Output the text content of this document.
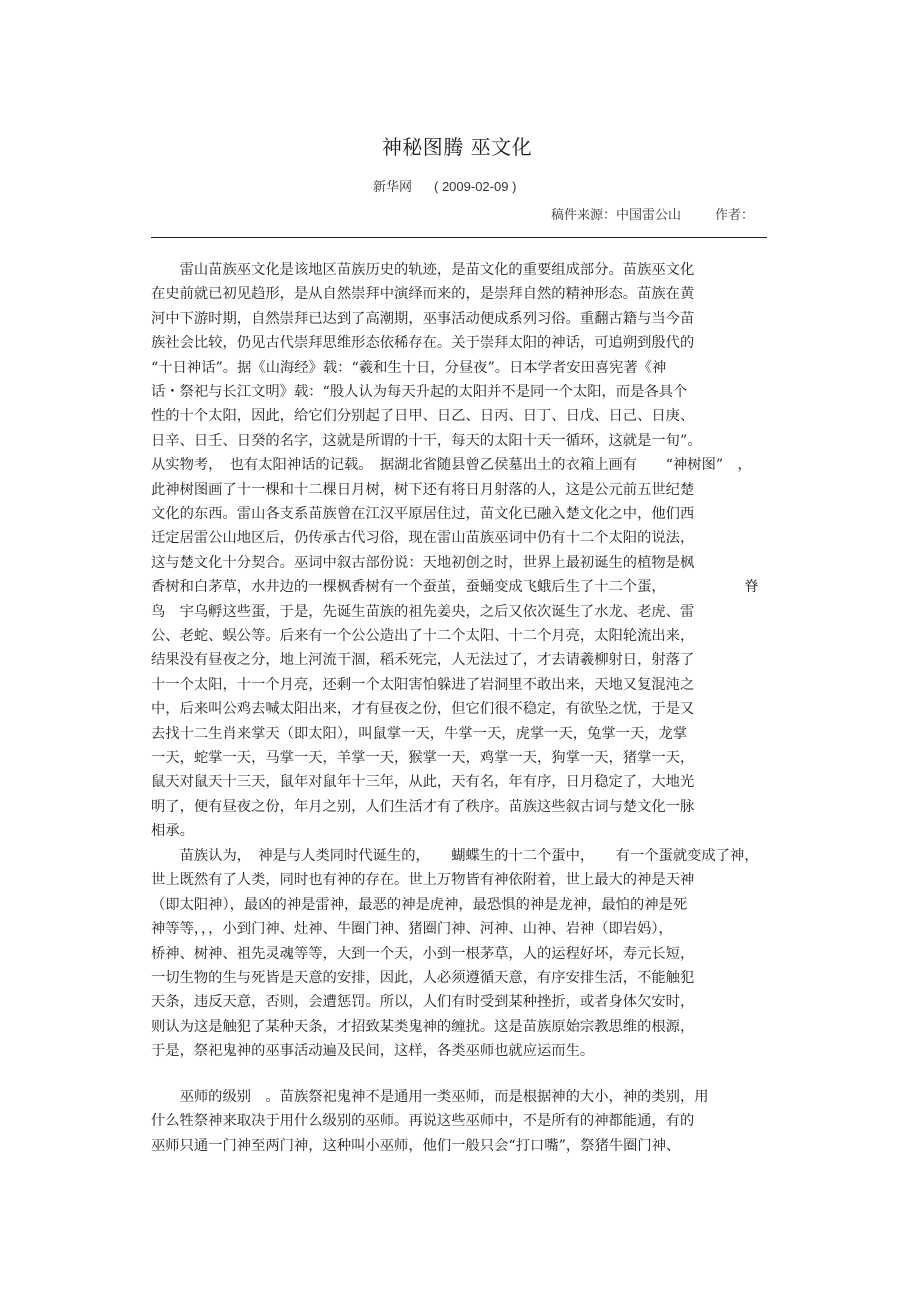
神秘图腾 巫文化
新华网 ( 2009-02-09 )
稿件来源：中国雷公山	作者：
　　雷山苗族巫文化是该地区苗族历史的轨迹，是苗文化的重要组成部分。苗族巫文化
在史前就已初见趋形，是从自然崇拜中演绎而来的，是崇拜自然的精神形态。苗族在黄
河中下游时期，自然崇拜已达到了高潮期，巫事活动便成系列习俗。重翻古籍与当今苗
族社会比较，仍见古代崇拜思维形态依稀存在。关于崇拜太阳的神话，可追朔到殷代的
“十日神话”。据《山海经》载：“羲和生十日，分昼夜”。日本学者安田喜宪著《神
话・祭祀与长江文明》载：“股人认为每天升起的太阳并不是同一个太阳，而是各具个
性的十个太阳，因此，给它们分别起了日甲、日乙、日丙、日丁、日戊、日己、日庚、
日辛、日壬、日癸的名字，这就是所谓的十干，每天的太阳十天一循环，这就是一旬”。
从实物考，　也有太阳神话的记载。　据湖北省随县曾乙侯墓出土的衣箱上画有　　“神树图”　，
此神树图画了十一棵和十二棵日月树，树下还有将日月射落的人，这是公元前五世纪楚
文化的东西。雷山各支系苗族曾在江汉平原居住过，苗文化已融入楚文化之中，他们西
迁定居雷公山地区后，仍传承古代习俗，现在雷山苗族巫词中仍有十二个太阳的说法，
这与楚文化十分契合。巫词中叙古部份说：天地初创之时，世界上最初诞生的植物是枫
香树和白茅草，水井边的一棵枫香树有一个蚕茧，蚕蛹变成飞蛾后生了十二个蛋，　　　　　　脊
鸟　宇乌孵这些蛋，于是，先诞生苗族的祖先姜央，之后又依次诞生了水龙、老虎、雷
公、老蛇、蜈公等。后来有一个公公造出了十二个太阳、十二个月亮，太阳轮流出来，
结果没有昼夜之分，地上河流干涸，稻禾死完，人无法过了，才去请羲柳射日，射落了
十一个太阳，十一个月亮，还剩一个太阳害怕躲进了岩洞里不敢出来，天地又复混沌之
中，后来叫公鸡去喊太阳出来，才有昼夜之份，但它们很不稳定，有欲坠之忧，于是又
去找十二生肖来掌天（即太阳），叫鼠掌一天，牛掌一天，虎掌一天，兔掌一天，龙掌
一天，蛇掌一天，马掌一天，羊掌一天，猴掌一天，鸡掌一天，狗掌一天，猪掌一天，
鼠天对鼠天十三天，鼠年对鼠年十三年，从此，天有名，年有序，日月稳定了，大地光
明了，便有昼夜之份，年月之别，人们生活才有了秩序。苗族这些叙古词与楚文化一脉
相承。
　　苗族认为，　神是与人类同时代诞生的，　　蝴蝶生的十二个蛋中，　　有一个蛋就变成了神，
世上既然有了人类，同时也有神的存在。世上万物皆有神依附着，世上最大的神是天神
（即太阳神），最凶的神是雷神，最恶的神是虎神，最恐惧的神是龙神，最怕的神是死
神等等，，，小到门神、灶神、牛圈门神、猪圈门神、河神、山神、岩神（即岩妈），
桥神、树神、祖先灵魂等等，大到一个天，小到一根茅草，人的运程好坏，寿元长短，
一切生物的生与死皆是天意的安排，因此，人必须遵循天意，有序安排生活，不能触犯
天条，违反天意，否则，会遭惩罚。所以，人们有时受到某种挫折，或者身体欠安时，
则认为这是触犯了某种天条，才招致某类鬼神的缠扰。这是苗族原始宗教思维的根源，
于是，祭祀鬼神的巫事活动遍及民间，这样，各类巫师也就应运而生。
　　巫师的级别　。苗族祭祀鬼神不是通用一类巫师，而是根据神的大小，神的类别，用
什么牲祭神来取决于用什么级别的巫师。再说这些巫师中，不是所有的神都能通，有的
巫师只通一门神至两门神，这种叫小巫师，他们一般只会“打口嘴”，祭猪牛圈门神、
